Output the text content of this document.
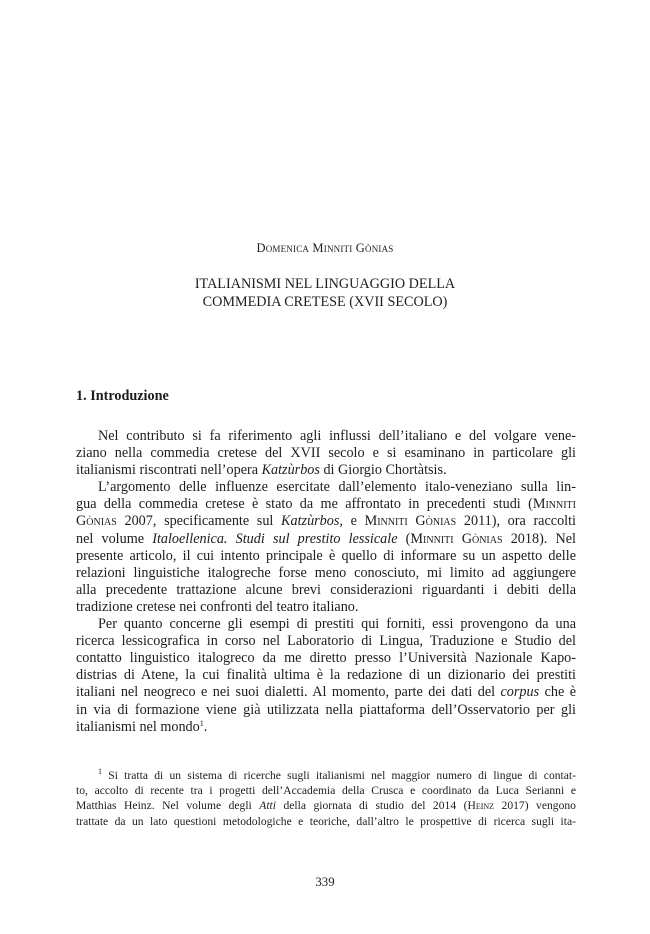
Domenica Minniti Gònias
ITALIANISMI NEL LINGUAGGIO DELLA
COMMEDIA CRETESE (XVII SECOLO)
1. Introduzione
Nel contributo si fa riferimento agli influssi dell’italiano e del volgare vene-
ziano nella commedia cretese del XVII secolo e si esaminano in particolare gli
italianismi riscontrati nell’opera Katzùrbos di Giorgio Chortàtsis.
L’argomento delle influenze esercitate dall’elemento italo-veneziano sulla lin-
gua della commedia cretese è stato da me affrontato in precedenti studi (Minniti
Gònias 2007, specificamente sul Katzùrbos, e Minniti Gònias 2011), ora raccolti
nel volume Italoellenica. Studi sul prestito lessicale (Minniti Gònias 2018). Nel
presente articolo, il cui intento principale è quello di informare su un aspetto delle
relazioni linguistiche italogreche forse meno conosciuto, mi limito ad aggiungere
alla precedente trattazione alcune brevi considerazioni riguardanti i debiti della
tradizione cretese nei confronti del teatro italiano.
Per quanto concerne gli esempi di prestiti qui forniti, essi provengono da una
ricerca lessicografica in corso nel Laboratorio di Lingua, Traduzione e Studio del
contatto linguistico italogreco da me diretto presso l’Università Nazionale Kapo-
distrias di Atene, la cui finalità ultima è la redazione di un dizionario dei prestiti
italiani nel neogreco e nei suoi dialetti. Al momento, parte dei dati del corpus che è
in via di formazione viene già utilizzata nella piattaforma dell’Osservatorio per gli
italianismi nel mondo$^1$.
$^1$ Si tratta di un sistema di ricerche sugli italianismi nel maggior numero di lingue di contat-
to, accolto di recente tra i progetti dell’Accademia della Crusca e coordinato da Luca Serianni e
Matthias Heinz. Nel volume degli Atti della giornata di studio del 2014 (Heinz 2017) vengono
trattate da un lato questioni metodologiche e teoriche, dall’altro le prospettive di ricerca sugli ita-
339
